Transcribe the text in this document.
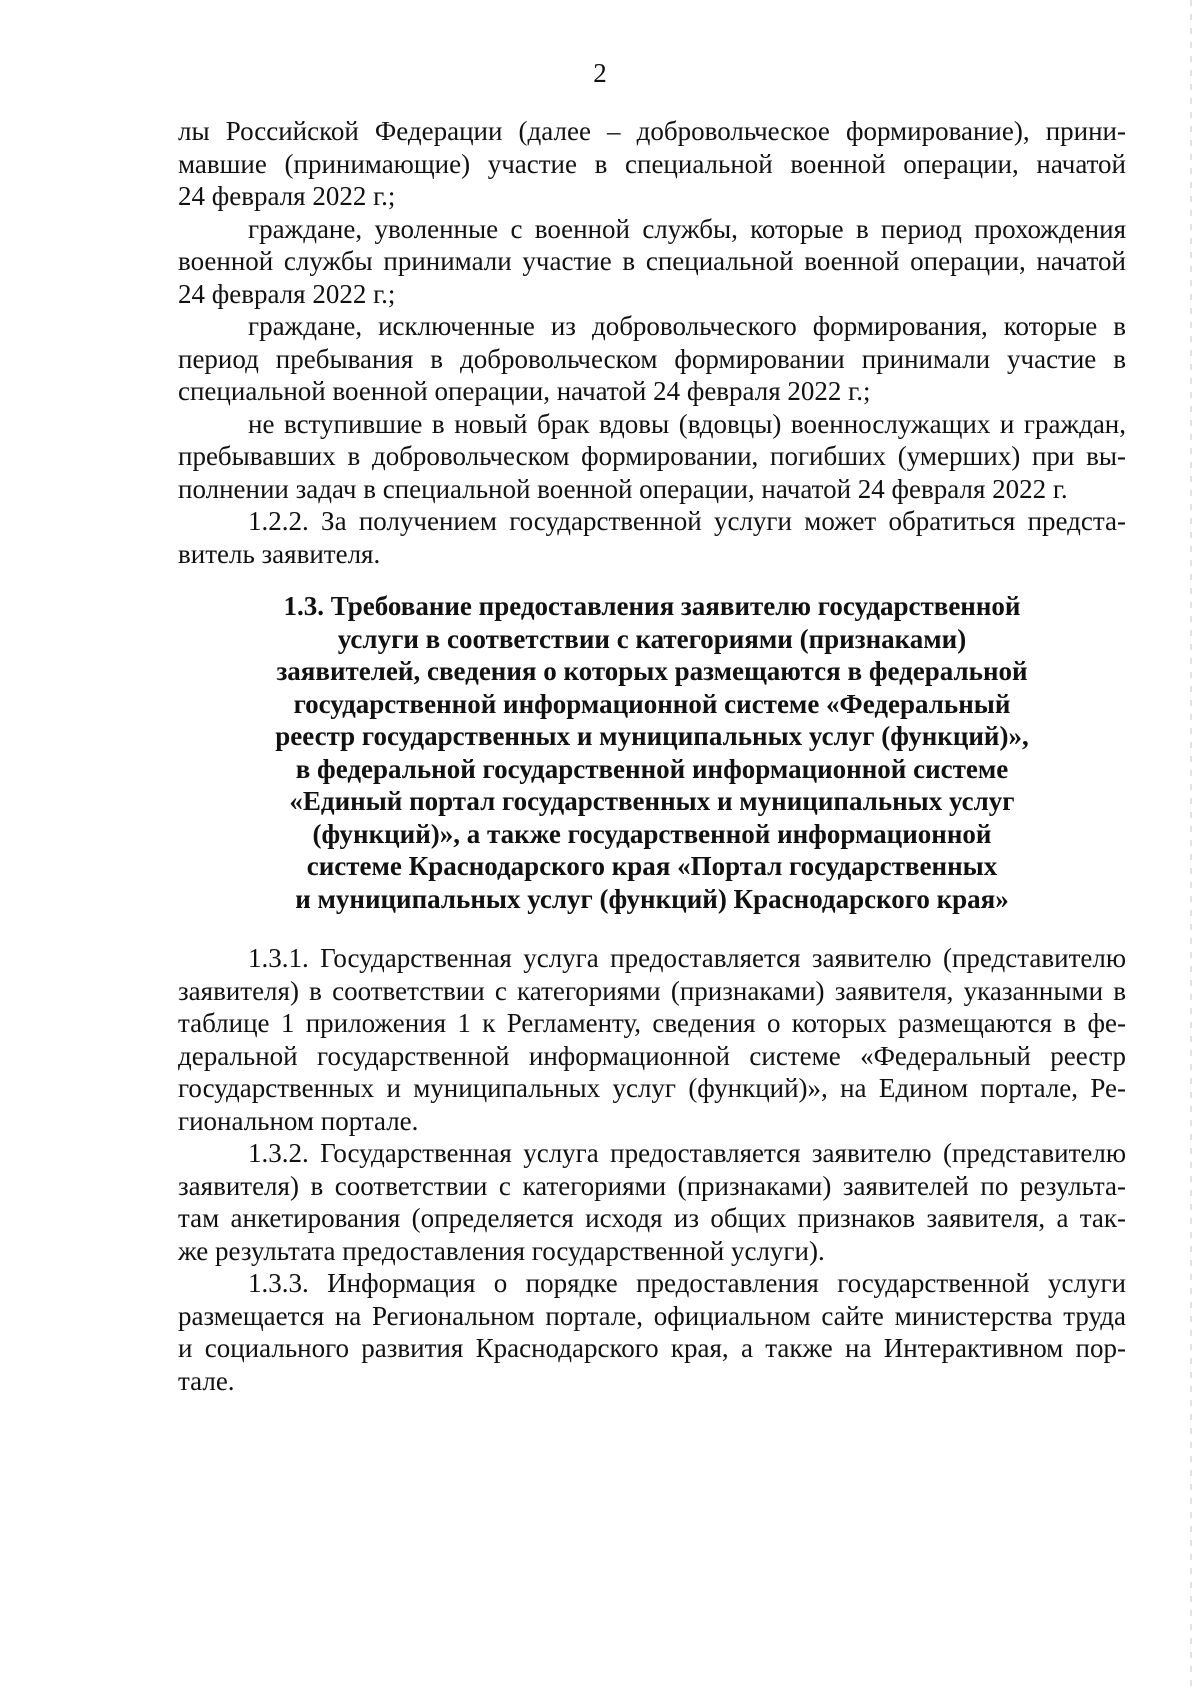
2

лы Российской Федерации (далее – добровольческое формирование), прини-
мавшие (принимающие) участие в специальной военной операции, начатой
24 февраля 2022 г.;

граждане, уволенные с военной службы, которые в период прохождения
военной службы принимали участие в специальной военной операции, начатой
24 февраля 2022 г.;

граждане, исключенные из добровольческого формирования, которые в
период пребывания в добровольческом формировании принимали участие в
специальной военной операции, начатой 24 февраля 2022 г.;

не вступившие в новый брак вдовы (вдовцы) военнослужащих и граждан,
пребывавших в добровольческом формировании, погибших (умерших) при вы-
полнении задач в специальной военной операции, начатой 24 февраля 2022 г.

1.2.2. За получением государственной услуги может обратиться предста-
витель заявителя.

1.3. Требование предоставления заявителю государственной
услуги в соответствии с категориями (признаками)
заявителей, сведения о которых размещаются в федеральной
государственной информационной системе «Федеральный
реестр государственных и муниципальных услуг (функций)»,
в федеральной государственной информационной системе
«Единый портал государственных и муниципальных услуг
(функций)», а также государственной информационной
системе Краснодарского края «Портал государственных
и муниципальных услуг (функций) Краснодарского края»

1.3.1. Государственная услуга предоставляется заявителю (представителю
заявителя) в соответствии с категориями (признаками) заявителя, указанными в
таблице 1 приложения 1 к Регламенту, сведения о которых размещаются в фе-
деральной государственной информационной системе «Федеральный реестр
государственных и муниципальных услуг (функций)», на Едином портале, Ре-
гиональном портале.

1.3.2. Государственная услуга предоставляется заявителю (представителю
заявителя) в соответствии с категориями (признаками) заявителей по результа-
там анкетирования (определяется исходя из общих признаков заявителя, а так-
же результата предоставления государственной услуги).

1.3.3. Информация о порядке предоставления государственной услуги
размещается на Региональном портале, официальном сайте министерства труда
и социального развития Краснодарского края, а также на Интерактивном пор-
тале.
